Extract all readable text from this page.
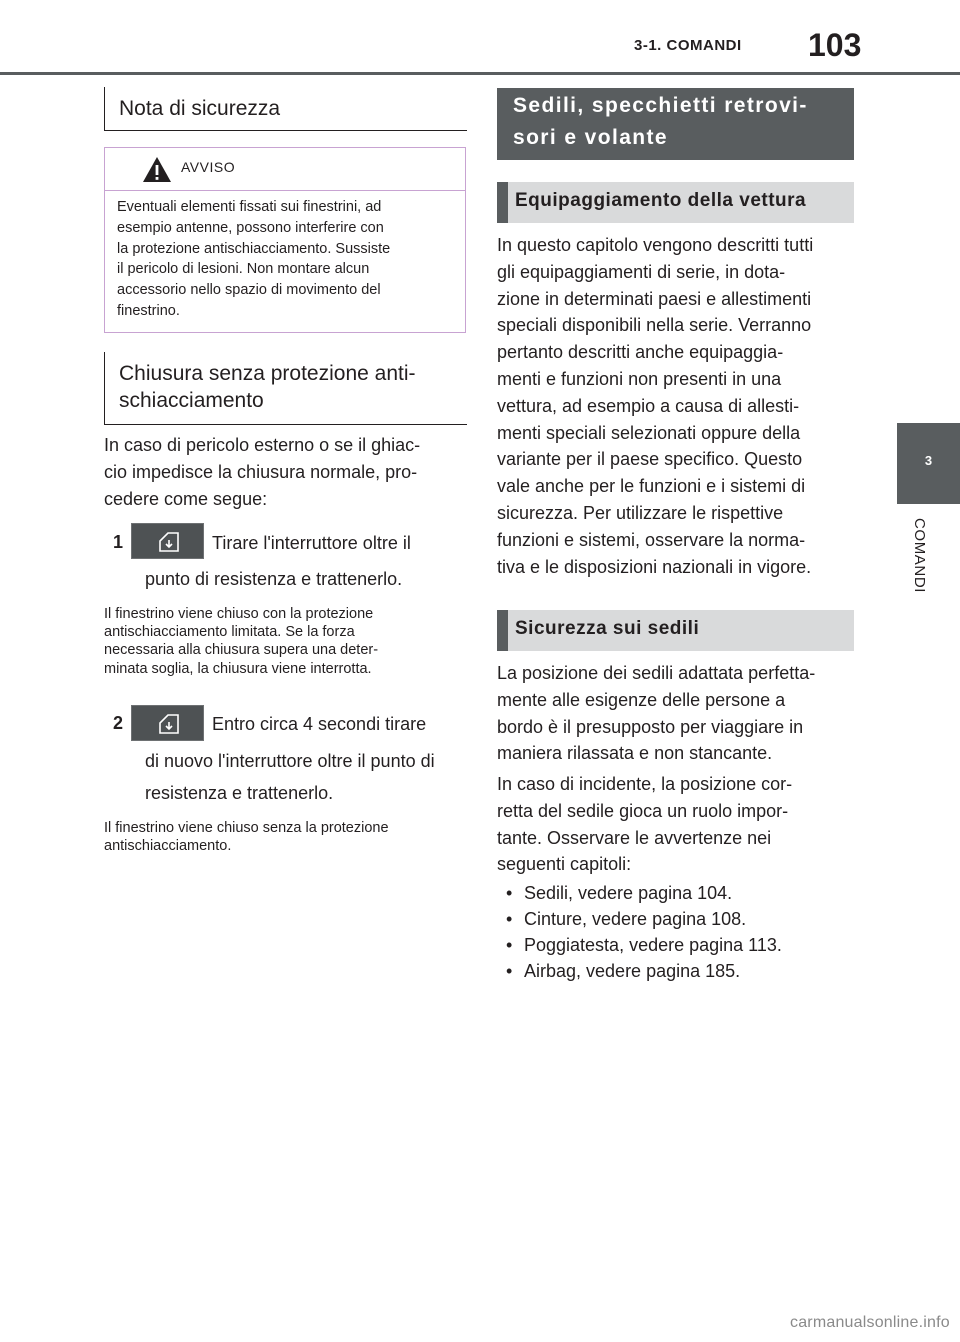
3-1. COMANDI 103
3
COMANDI
Nota di sicurezza
AVVISO
Eventuali elementi fissati sui finestrini, ad
esempio antenne, possono interferire con
la protezione antischiacciamento. Sussiste
il pericolo di lesioni. Non montare alcun
accessorio nello spazio di movimento del
finestrino.
Chiusura senza protezione anti-
schiacciamento
In caso di pericolo esterno o se il ghiac-
cio impedisce la chiusura normale, pro-
cedere come segue:
1	Tirare l'interruttore oltre il
punto di resistenza e trattenerlo.
Il finestrino viene chiuso con la protezione
antischiacciamento limitata. Se la forza
necessaria alla chiusura supera una deter-
minata soglia, la chiusura viene interrotta.
2	Entro circa 4 secondi tirare
di nuovo l'interruttore oltre il punto di
resistenza e trattenerlo.
Il finestrino viene chiuso senza la protezione
antischiacciamento.
Sedili, specchietti retrovi-
sori e volante
Equipaggiamento della vettura
In questo capitolo vengono descritti tutti
gli equipaggiamenti di serie, in dota-
zione in determinati paesi e allestimenti
speciali disponibili nella serie. Verranno
pertanto descritti anche equipaggia-
menti e funzioni non presenti in una
vettura, ad esempio a causa di allesti-
menti speciali selezionati oppure della
variante per il paese specifico. Questo
vale anche per le funzioni e i sistemi di
sicurezza. Per utilizzare le rispettive
funzioni e sistemi, osservare la norma-
tiva e le disposizioni nazionali in vigore.
Sicurezza sui sedili
La posizione dei sedili adattata perfetta-
mente alle esigenze delle persone a
bordo è il presupposto per viaggiare in
maniera rilassata e non stancante.
In caso di incidente, la posizione cor-
retta del sedile gioca un ruolo impor-
tante. Osservare le avvertenze nei
seguenti capitoli:
• Sedili, vedere pagina 104.
• Cinture, vedere pagina 108.
• Poggiatesta, vedere pagina 113.
• Airbag, vedere pagina 185.
carmanualsonline.info
